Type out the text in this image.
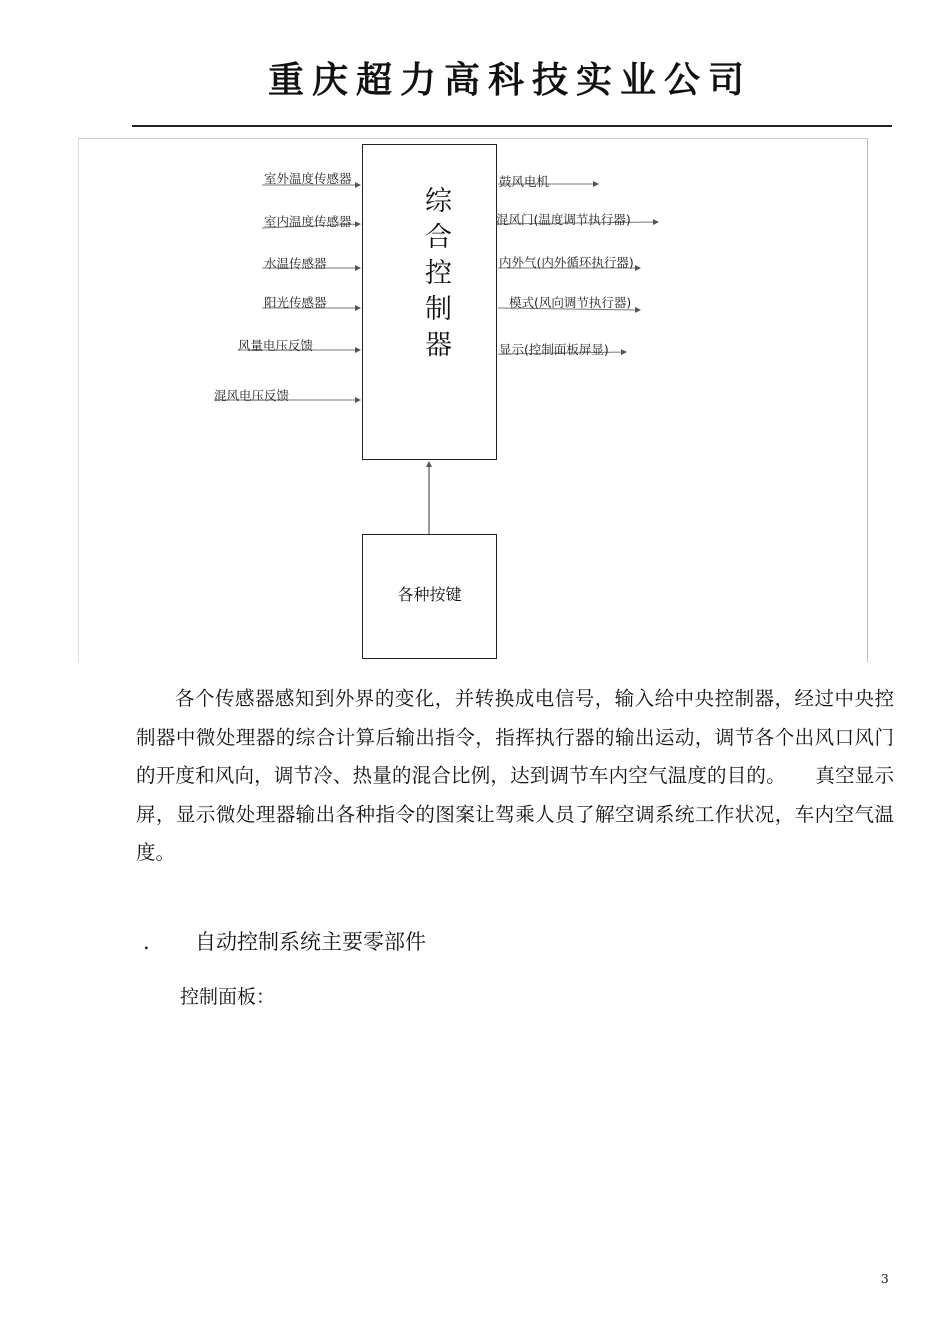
重庆超力高科技实业公司
室外温度传感器
室内温度传感器
水温传感器
阳光传感器
风量电压反馈
混风电压反馈
鼓风电机
混风门(温度调节执行器)
内外气(内外循环执行器)
模式(风向调节执行器)
显示(控制面板屏显)
综合控制器
各种按键
各个传感器感知到外界的变化，并转换成电信号，输入给中央控制器，经过中央控制器中微处理器的综合计算后输出指令，指挥执行器的输出运动，调节各个出风口风门的开度和风向，调节冷、热量的混合比例，达到调节车内空气温度的目的。　　真空显示屏，显示微处理器输出各种指令的图案让驾乘人员了解空调系统工作状况，车内空气温度。
. 自动控制系统主要零部件
控制面板：
3
